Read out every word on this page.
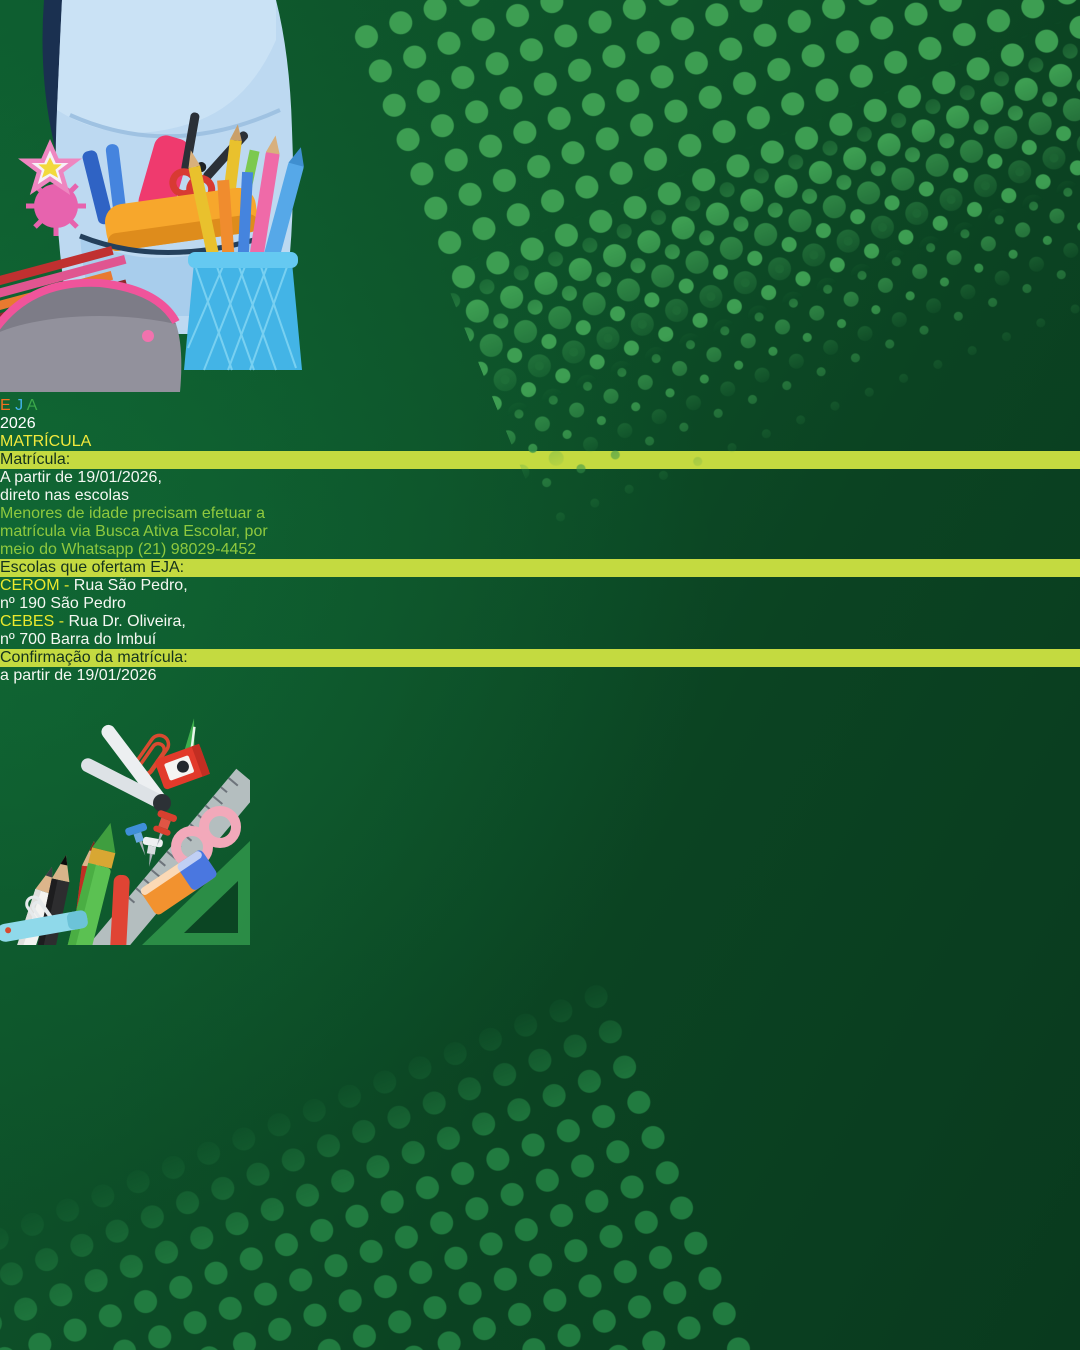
E J A
2026
MATRÍCULA
Matrícula:
A partir de 19/01/2026,
direto nas escolas
Menores de idade precisam efetuar a
matrícula via Busca Ativa Escolar, por
meio do Whatsapp (21) 98029-4452
Escolas que ofertam EJA:
CEROM - Rua São Pedro,
nº 190 São Pedro
CEBES - Rua Dr. Oliveira,
nº 700 Barra do Imbuí
Confirmação da matrícula:
a partir de 19/01/2026
